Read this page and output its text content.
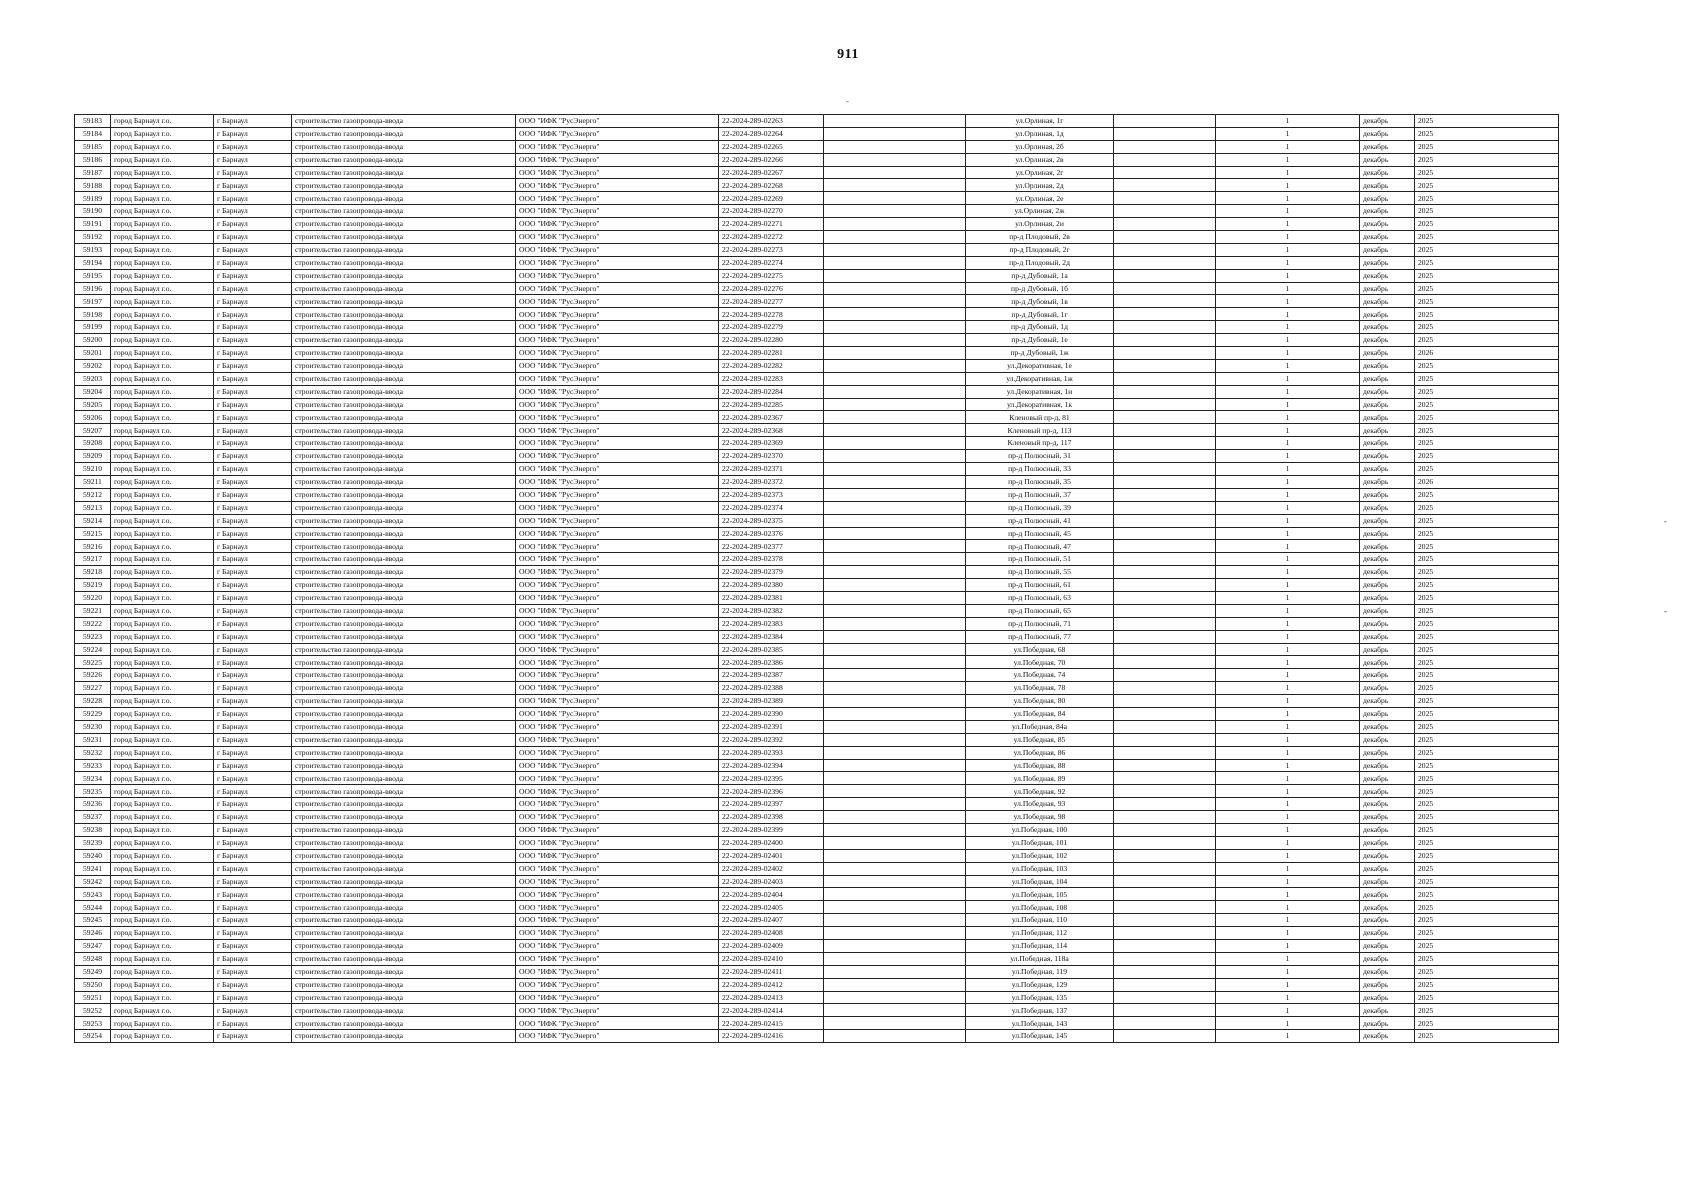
911
-
-
-
59183	город Барнаул г.о.	г Барнаул	строительство газопровода-ввода	ООО "ИФК "РусЭнерго"	22-2024-289-02263		ул.Орлиная, 1г		1	декабрь	2025
59184	город Барнаул г.о.	г Барнаул	строительство газопровода-ввода	ООО "ИФК "РусЭнерго"	22-2024-289-02264		ул.Орлиная, 1д		1	декабрь	2025
59185	город Барнаул г.о.	г Барнаул	строительство газопровода-ввода	ООО "ИФК "РусЭнерго"	22-2024-289-02265		ул.Орлиная, 2б		1	декабрь	2025
59186	город Барнаул г.о.	г Барнаул	строительство газопровода-ввода	ООО "ИФК "РусЭнерго"	22-2024-289-02266		ул.Орлиная, 2в		1	декабрь	2025
59187	город Барнаул г.о.	г Барнаул	строительство газопровода-ввода	ООО "ИФК "РусЭнерго"	22-2024-289-02267		ул.Орлиная, 2г		1	декабрь	2025
59188	город Барнаул г.о.	г Барнаул	строительство газопровода-ввода	ООО "ИФК "РусЭнерго"	22-2024-289-02268		ул.Орлиная, 2д		1	декабрь	2025
59189	город Барнаул г.о.	г Барнаул	строительство газопровода-ввода	ООО "ИФК "РусЭнерго"	22-2024-289-02269		ул.Орлиная, 2е		1	декабрь	2025
59190	город Барнаул г.о.	г Барнаул	строительство газопровода-ввода	ООО "ИФК "РусЭнерго"	22-2024-289-02270		ул.Орлиная, 2ж		1	декабрь	2025
59191	город Барнаул г.о.	г Барнаул	строительство газопровода-ввода	ООО "ИФК "РусЭнерго"	22-2024-289-02271		ул.Орлиная, 2и		1	декабрь	2025
59192	город Барнаул г.о.	г Барнаул	строительство газопровода-ввода	ООО "ИФК "РусЭнерго"	22-2024-289-02272		пр-д Плодовый, 2в		1	декабрь	2025
59193	город Барнаул г.о.	г Барнаул	строительство газопровода-ввода	ООО "ИФК "РусЭнерго"	22-2024-289-02273		пр-д Плодовый, 2г		1	декабрь	2025
59194	город Барнаул г.о.	г Барнаул	строительство газопровода-ввода	ООО "ИФК "РусЭнерго"	22-2024-289-02274		пр-д Плодовый, 2д		1	декабрь	2025
59195	город Барнаул г.о.	г Барнаул	строительство газопровода-ввода	ООО "ИФК "РусЭнерго"	22-2024-289-02275		пр-д Дубовый, 1а		1	декабрь	2025
59196	город Барнаул г.о.	г Барнаул	строительство газопровода-ввода	ООО "ИФК "РусЭнерго"	22-2024-289-02276		пр-д Дубовый, 1б		1	декабрь	2025
59197	город Барнаул г.о.	г Барнаул	строительство газопровода-ввода	ООО "ИФК "РусЭнерго"	22-2024-289-02277		пр-д Дубовый, 1в		1	декабрь	2025
59198	город Барнаул г.о.	г Барнаул	строительство газопровода-ввода	ООО "ИФК "РусЭнерго"	22-2024-289-02278		пр-д Дубовый, 1г		1	декабрь	2025
59199	город Барнаул г.о.	г Барнаул	строительство газопровода-ввода	ООО "ИФК "РусЭнерго"	22-2024-289-02279		пр-д Дубовый, 1д		1	декабрь	2025
59200	город Барнаул г.о.	г Барнаул	строительство газопровода-ввода	ООО "ИФК "РусЭнерго"	22-2024-289-02280		пр-д Дубовый, 1е		1	декабрь	2025
59201	город Барнаул г.о.	г Барнаул	строительство газопровода-ввода	ООО "ИФК "РусЭнерго"	22-2024-289-02281		пр-д Дубовый, 1ж		1	декабрь	2026
59202	город Барнаул г.о.	г Барнаул	строительство газопровода-ввода	ООО "ИФК "РусЭнерго"	22-2024-289-02282		ул.Декоративная, 1е		1	декабрь	2025
59203	город Барнаул г.о.	г Барнаул	строительство газопровода-ввода	ООО "ИФК "РусЭнерго"	22-2024-289-02283		ул.Декоративная, 1ж		1	декабрь	2025
59204	город Барнаул г.о.	г Барнаул	строительство газопровода-ввода	ООО "ИФК "РусЭнерго"	22-2024-289-02284		ул.Декоративная, 1и		1	декабрь	2025
59205	город Барнаул г.о.	г Барнаул	строительство газопровода-ввода	ООО "ИФК "РусЭнерго"	22-2024-289-02285		ул.Декоративная, 1к		1	декабрь	2025
59206	город Барнаул г.о.	г Барнаул	строительство газопровода-ввода	ООО "ИФК "РусЭнерго"	22-2024-289-02367		Кленовый пр-д, 81		1	декабрь	2025
59207	город Барнаул г.о.	г Барнаул	строительство газопровода-ввода	ООО "ИФК "РусЭнерго"	22-2024-289-02368		Кленовый пр-д, 113		1	декабрь	2025
59208	город Барнаул г.о.	г Барнаул	строительство газопровода-ввода	ООО "ИФК "РусЭнерго"	22-2024-289-02369		Кленовый пр-д, 117		1	декабрь	2025
59209	город Барнаул г.о.	г Барнаул	строительство газопровода-ввода	ООО "ИФК "РусЭнерго"	22-2024-289-02370		пр-д Полюсный, 31		1	декабрь	2025
59210	город Барнаул г.о.	г Барнаул	строительство газопровода-ввода	ООО "ИФК "РусЭнерго"	22-2024-289-02371		пр-д Полюсный, 33		1	декабрь	2025
59211	город Барнаул г.о.	г Барнаул	строительство газопровода-ввода	ООО "ИФК "РусЭнерго"	22-2024-289-02372		пр-д Полюсный, 35		1	декабрь	2026
59212	город Барнаул г.о.	г Барнаул	строительство газопровода-ввода	ООО "ИФК "РусЭнерго"	22-2024-289-02373		пр-д Полюсный, 37		1	декабрь	2025
59213	город Барнаул г.о.	г Барнаул	строительство газопровода-ввода	ООО "ИФК "РусЭнерго"	22-2024-289-02374		пр-д Полюсный, 39		1	декабрь	2025
59214	город Барнаул г.о.	г Барнаул	строительство газопровода-ввода	ООО "ИФК "РусЭнерго"	22-2024-289-02375		пр-д Полюсный, 41		1	декабрь	2025
59215	город Барнаул г.о.	г Барнаул	строительство газопровода-ввода	ООО "ИФК "РусЭнерго"	22-2024-289-02376		пр-д Полюсный, 45		1	декабрь	2025
59216	город Барнаул г.о.	г Барнаул	строительство газопровода-ввода	ООО "ИФК "РусЭнерго"	22-2024-289-02377		пр-д Полюсный, 47		1	декабрь	2025
59217	город Барнаул г.о.	г Барнаул	строительство газопровода-ввода	ООО "ИФК "РусЭнерго"	22-2024-289-02378		пр-д Полюсный, 51		1	декабрь	2025
59218	город Барнаул г.о.	г Барнаул	строительство газопровода-ввода	ООО "ИФК "РусЭнерго"	22-2024-289-02379		пр-д Полюсный, 55		1	декабрь	2025
59219	город Барнаул г.о.	г Барнаул	строительство газопровода-ввода	ООО "ИФК "РусЭнерго"	22-2024-289-02380		пр-д Полюсный, 61		1	декабрь	2025
59220	город Барнаул г.о.	г Барнаул	строительство газопровода-ввода	ООО "ИФК "РусЭнерго"	22-2024-289-02381		пр-д Полюсный, 63		1	декабрь	2025
59221	город Барнаул г.о.	г Барнаул	строительство газопровода-ввода	ООО "ИФК "РусЭнерго"	22-2024-289-02382		пр-д Полюсный, 65		1	декабрь	2025
59222	город Барнаул г.о.	г Барнаул	строительство газопровода-ввода	ООО "ИФК "РусЭнерго"	22-2024-289-02383		пр-д Полюсный, 71		1	декабрь	2025
59223	город Барнаул г.о.	г Барнаул	строительство газопровода-ввода	ООО "ИФК "РусЭнерго"	22-2024-289-02384		пр-д Полюсный, 77		1	декабрь	2025
59224	город Барнаул г.о.	г Барнаул	строительство газопровода-ввода	ООО "ИФК "РусЭнерго"	22-2024-289-02385		ул.Победная, 68		1	декабрь	2025
59225	город Барнаул г.о.	г Барнаул	строительство газопровода-ввода	ООО "ИФК "РусЭнерго"	22-2024-289-02386		ул.Победная, 70		1	декабрь	2025
59226	город Барнаул г.о.	г Барнаул	строительство газопровода-ввода	ООО "ИФК "РусЭнерго"	22-2024-289-02387		ул.Победная, 74		1	декабрь	2025
59227	город Барнаул г.о.	г Барнаул	строительство газопровода-ввода	ООО "ИФК "РусЭнерго"	22-2024-289-02388		ул.Победная, 78		1	декабрь	2025
59228	город Барнаул г.о.	г Барнаул	строительство газопровода-ввода	ООО "ИФК "РусЭнерго"	22-2024-289-02389		ул.Победная, 80		1	декабрь	2025
59229	город Барнаул г.о.	г Барнаул	строительство газопровода-ввода	ООО "ИФК "РусЭнерго"	22-2024-289-02390		ул.Победная, 84		1	декабрь	2025
59230	город Барнаул г.о.	г Барнаул	строительство газопровода-ввода	ООО "ИФК "РусЭнерго"	22-2024-289-02391		ул.Победная, 84а		1	декабрь	2025
59231	город Барнаул г.о.	г Барнаул	строительство газопровода-ввода	ООО "ИФК "РусЭнерго"	22-2024-289-02392		ул.Победная, 85		1	декабрь	2025
59232	город Барнаул г.о.	г Барнаул	строительство газопровода-ввода	ООО "ИФК "РусЭнерго"	22-2024-289-02393		ул.Победная, 86		1	декабрь	2025
59233	город Барнаул г.о.	г Барнаул	строительство газопровода-ввода	ООО "ИФК "РусЭнерго"	22-2024-289-02394		ул.Победная, 88		1	декабрь	2025
59234	город Барнаул г.о.	г Барнаул	строительство газопровода-ввода	ООО "ИФК "РусЭнерго"	22-2024-289-02395		ул.Победная, 89		1	декабрь	2025
59235	город Барнаул г.о.	г Барнаул	строительство газопровода-ввода	ООО "ИФК "РусЭнерго"	22-2024-289-02396		ул.Победная, 92		1	декабрь	2025
59236	город Барнаул г.о.	г Барнаул	строительство газопровода-ввода	ООО "ИФК "РусЭнерго"	22-2024-289-02397		ул.Победная, 93		1	декабрь	2025
59237	город Барнаул г.о.	г Барнаул	строительство газопровода-ввода	ООО "ИФК "РусЭнерго"	22-2024-289-02398		ул.Победная, 98		1	декабрь	2025
59238	город Барнаул г.о.	г Барнаул	строительство газопровода-ввода	ООО "ИФК "РусЭнерго"	22-2024-289-02399		ул.Победная, 100		1	декабрь	2025
59239	город Барнаул г.о.	г Барнаул	строительство газопровода-ввода	ООО "ИФК "РусЭнерго"	22-2024-289-02400		ул.Победная, 101		1	декабрь	2025
59240	город Барнаул г.о.	г Барнаул	строительство газопровода-ввода	ООО "ИФК "РусЭнерго"	22-2024-289-02401		ул.Победная, 102		1	декабрь	2025
59241	город Барнаул г.о.	г Барнаул	строительство газопровода-ввода	ООО "ИФК "РусЭнерго"	22-2024-289-02402		ул.Победная, 103		1	декабрь	2025
59242	город Барнаул г.о.	г Барнаул	строительство газопровода-ввода	ООО "ИФК "РусЭнерго"	22-2024-289-02403		ул.Победная, 104		1	декабрь	2025
59243	город Барнаул г.о.	г Барнаул	строительство газопровода-ввода	ООО "ИФК "РусЭнерго"	22-2024-289-02404		ул.Победная, 105		1	декабрь	2025
59244	город Барнаул г.о.	г Барнаул	строительство газопровода-ввода	ООО "ИФК "РусЭнерго"	22-2024-289-02405		ул.Победная, 108		1	декабрь	2025
59245	город Барнаул г.о.	г Барнаул	строительство газопровода-ввода	ООО "ИФК "РусЭнерго"	22-2024-289-02407		ул.Победная, 110		1	декабрь	2025
59246	город Барнаул г.о.	г Барнаул	строительство газопровода-ввода	ООО "ИФК "РусЭнерго"	22-2024-289-02408		ул.Победная, 112		1	декабрь	2025
59247	город Барнаул г.о.	г Барнаул	строительство газопровода-ввода	ООО "ИФК "РусЭнерго"	22-2024-289-02409		ул.Победная, 114		1	декабрь	2025
59248	город Барнаул г.о.	г Барнаул	строительство газопровода-ввода	ООО "ИФК "РусЭнерго"	22-2024-289-02410		ул.Победная, 118а		1	декабрь	2025
59249	город Барнаул г.о.	г Барнаул	строительство газопровода-ввода	ООО "ИФК "РусЭнерго"	22-2024-289-02411		ул.Победная, 119		1	декабрь	2025
59250	город Барнаул г.о.	г Барнаул	строительство газопровода-ввода	ООО "ИФК "РусЭнерго"	22-2024-289-02412		ул.Победная, 129		1	декабрь	2025
59251	город Барнаул г.о.	г Барнаул	строительство газопровода-ввода	ООО "ИФК "РусЭнерго"	22-2024-289-02413		ул.Победная, 135		1	декабрь	2025
59252	город Барнаул г.о.	г Барнаул	строительство газопровода-ввода	ООО "ИФК "РусЭнерго"	22-2024-289-02414		ул.Победная, 137		1	декабрь	2025
59253	город Барнаул г.о.	г Барнаул	строительство газопровода-ввода	ООО "ИФК "РусЭнерго"	22-2024-289-02415		ул.Победная, 143		1	декабрь	2025
59254	город Барнаул г.о.	г Барнаул	строительство газопровода-ввода	ООО "ИФК "РусЭнерго"	22-2024-289-02416		ул.Победная, 145		1	декабрь	2025
